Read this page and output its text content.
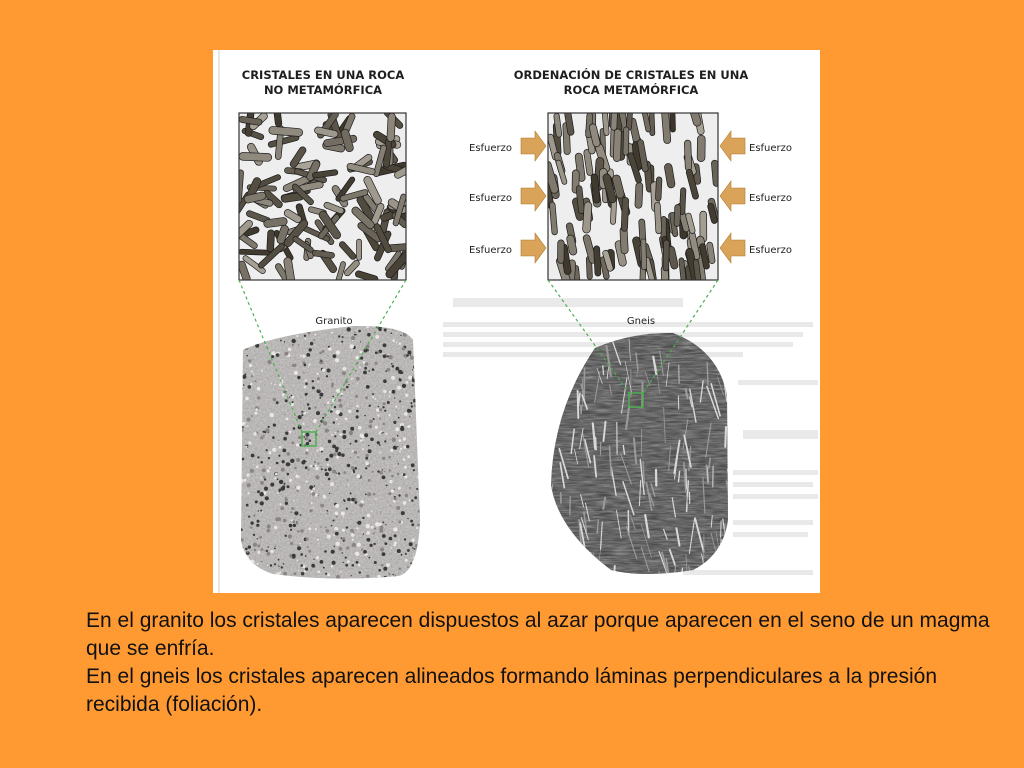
CRISTALES EN UNA ROCA
NO METAMÓRFICA
ORDENACIÓN DE CRISTALES EN UNA
ROCA METAMÓRFICA
Esfuerzo
Esfuerzo
Esfuerzo
Esfuerzo
Esfuerzo
Esfuerzo
Granito	Gneis

En el granito los cristales aparecen dispuestos al azar porque aparecen en el seno de un magma que se enfría.

En el gneis los cristales aparecen alineados formando láminas perpendiculares a la presión recibida (foliación).
